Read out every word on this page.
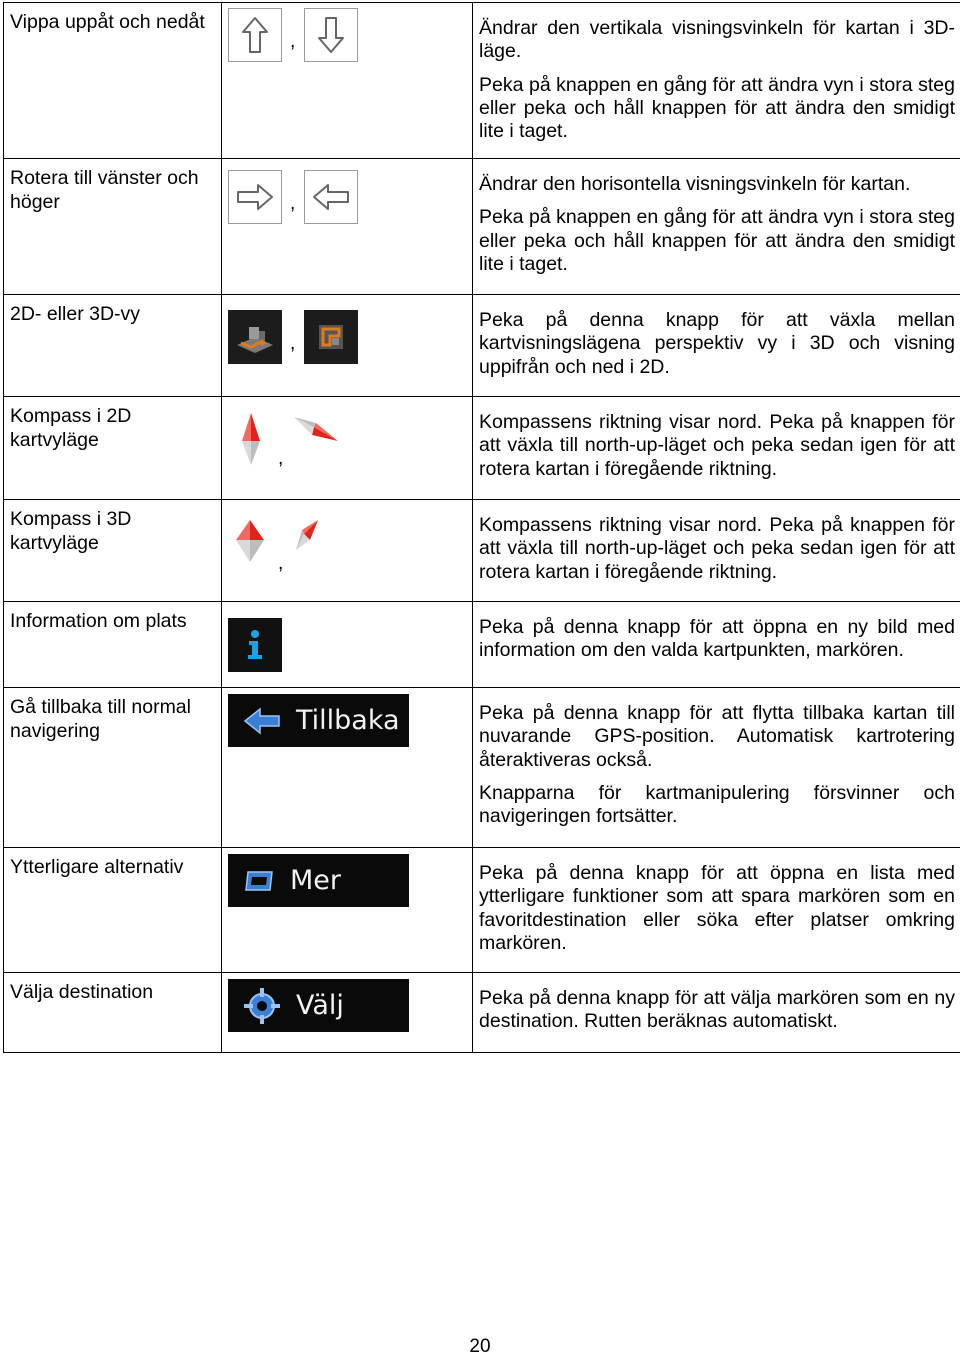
Vippa uppåt och nedåt	,	Ändrar den vertikala visningsvinkeln för kartan i 3D-läge.

Peka på knappen en gång för att ändra vyn i stora steg eller peka och håll knappen för att ändra den smidigt lite i taget.

Rotera till vänster och höger	,	Ändrar den horisontella visningsvinkeln för kartan.

Peka på knappen en gång för att ändra vyn i stora steg eller peka och håll knappen för att ändra den smidigt lite i taget.

2D- eller 3D-vy	,	Peka på denna knapp för att växla mellan kartvisningslägena perspektiv vy i 3D och visning uppifrån och ned i 2D.

Kompass i 2D kartvyläge	,	Kompassens riktning visar nord. Peka på knappen för att växla till north-up-läget och peka sedan igen för att rotera kartan i föregående riktning.

Kompass i 3D kartvyläge	,	Kompassens riktning visar nord. Peka på knappen för att växla till north-up-läget och peka sedan igen för att rotera kartan i föregående riktning.

Information om plats		Peka på denna knapp för att öppna en ny bild med information om den valda kartpunkten, markören.

Gå tillbaka till normal navigering	Tillbaka	Peka på denna knapp för att flytta tillbaka kartan till nuvarande GPS-position. Automatisk kartrotering återaktiveras också.

Knapparna för kartmanipulering försvinner och navigeringen fortsätter.

Ytterligare alternativ	Mer	Peka på denna knapp för att öppna en lista med ytterligare funktioner som att spara markören som en favoritdestination eller söka efter platser omkring markören.

Välja destination	Välj	Peka på denna knapp för att välja markören som en ny destination. Rutten beräknas automatiskt.

20
